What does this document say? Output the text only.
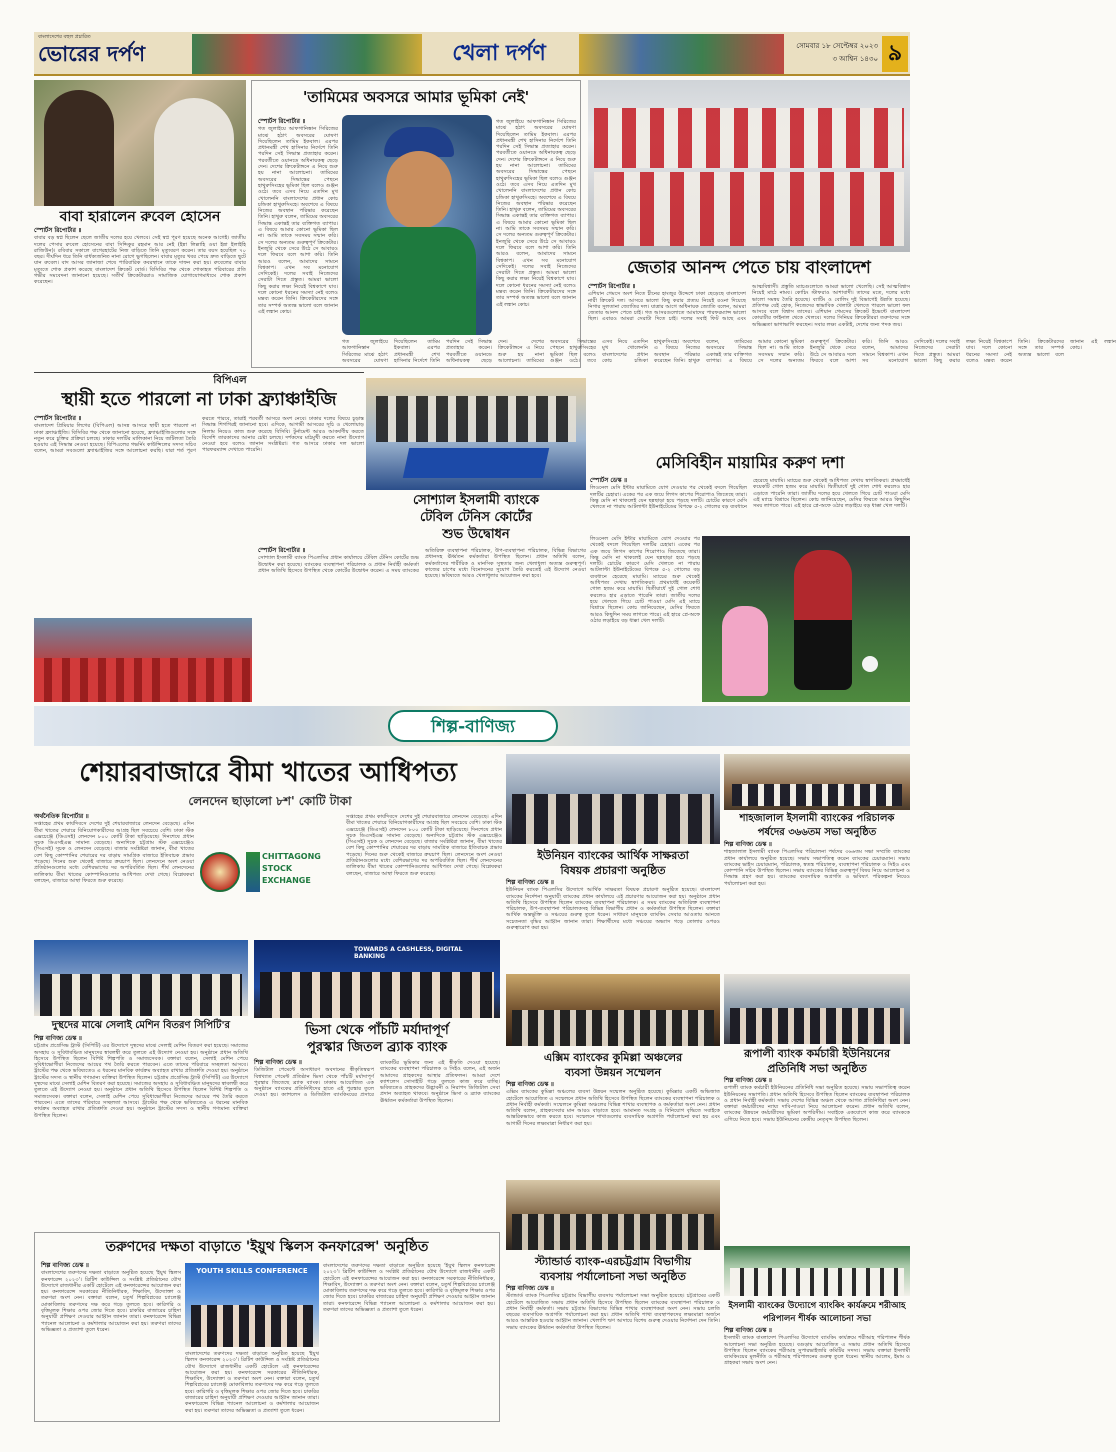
বাংলাদেশের বহুল প্রচারিত
ভোরের দর্পণ	খেলা দর্পণ	সোমবার ১৮ সেপ্টেম্বর ২০২৩
৩ আশ্বিন ১৪৩০ ৯
বাবা হারালেন রুবেল হোসেন
স্পোর্টস রিপোর্টার ॥
বাবার বড় স্বপ্ন ছিলেন ছেলে জাতীয় দলের হয়ে খেলবে। সেই স্বপ্ন পূরণ হয়েছে অনেক আগেই। জাতীয় দলের পেসার রুবেল হোসেনের বাবা সিদ্দিকুর রহমান আর নেই (ইন্না লিল্লাহি ওয়া ইন্না ইলাইহি রাজিউন)। রবিবার সকালে বাগেরহাটের নিজ বাড়িতে তিনি মৃত্যুবরণ করেন। তার বয়স হয়েছিল ৭০ বছর। দীর্ঘদিন ধরে তিনি বার্ধক্যজনিত নানা রোগে ভুগছিলেন। বাবার মৃত্যুর খবর পেয়ে দ্রুত বাড়িতে ছুটে যান রুবেল। বাদ আসর জানাজা শেষে পারিবারিক কবরস্থানে তাকে দাফন করা হয়। রুবেলের বাবার মৃত্যুতে শোক প্রকাশ করেছে বাংলাদেশ ক্রিকেট বোর্ড। বিসিবির পক্ষ থেকে শোকাহত পরিবারের প্রতি গভীর সমবেদনা জানানো হয়েছে। সতীর্থ ক্রিকেটাররাও সামাজিক যোগাযোগমাধ্যমে শোক প্রকাশ করেছেন।
'তামিমের অবসরে আমার ভূমিকা নেই'
স্পোর্টস রিপোর্টার ॥
গত জুলাইয়ে আফগানিস্তান সিরিজের মাঝে হঠাৎ অবসরের ঘোষণা দিয়েছিলেন তামিম ইকবাল। এরপর প্রধানমন্ত্রী শেখ হাসিনার নির্দেশে তিনি পরদিন সেই সিদ্ধান্ত প্রত্যাহার করেন। পরবর্তীতে ওয়ানডে অধিনায়কত্ব ছেড়ে দেন। দেশের ক্রিকেটাঙ্গনে এ নিয়ে শুরু হয় নানা আলোচনা। তামিমের অবসরের সিদ্ধান্তের পেছনে হাথুরুসিংহের ভূমিকা ছিল বলেও গুঞ্জন ওঠে। তবে এসব নিয়ে এতদিন মুখ খোলেননি বাংলাদেশের প্রধান কোচ চন্ডিকা হাথুরুসিংহে। অবশেষে এ বিষয়ে নিজের অবস্থান পরিষ্কার করেছেন তিনি। হাথুরু বলেন, তামিমের অবসরের সিদ্ধান্ত একান্তই তার ব্যক্তিগত ব্যাপার। এ বিষয়ে আমার কোনো ভূমিকা ছিল না। আমি তাকে সবসময় সম্মান করি। সে দলের অন্যতম গুরুত্বপূর্ণ ক্রিকেটার। ইনজুরি থেকে সেরে উঠে সে আবারও দলে ফিরবে বলে আশা করি। তিনি আরও বলেন, আমাদের সামনে বিশ্বকাপ। এখন সব মনোযোগ সেদিকেই। দলের সবাই নিজেদের সেরাটা দিতে প্রস্তুত। আমরা ভালো কিছু করার লক্ষ্য নিয়েই বিশ্বকাপে যাব। দলে কোনো ধরনের সমস্যা নেই বলেও মন্তব্য করেন তিনি। ক্রিকেটারদের সঙ্গে তার সম্পর্ক অত্যন্ত ভালো বলে জানান এই লঙ্কান কোচ।
গত জুলাইয়ে আফগানিস্তান সিরিজের মাঝে হঠাৎ অবসরের ঘোষণা দিয়েছিলেন তামিম ইকবাল। এরপর প্রধানমন্ত্রী শেখ হাসিনার নির্দেশে তিনি পরদিন সেই সিদ্ধান্ত প্রত্যাহার করেন। পরবর্তীতে ওয়ানডে অধিনায়কত্ব ছেড়ে দেন। দেশের ক্রিকেটাঙ্গনে এ নিয়ে শুরু হয় নানা আলোচনা। তামিমের অবসরের সিদ্ধান্তের পেছনে হাথুরুসিংহের ভূমিকা ছিল বলেও গুঞ্জন ওঠে। তবে এসব নিয়ে এতদিন মুখ খোলেননি বাংলাদেশের প্রধান কোচ চন্ডিকা হাথুরুসিংহে। অবশেষে এ বিষয়ে নিজের অবস্থান পরিষ্কার করেছেন তিনি। হাথুরু বলেন, তামিমের অবসরের সিদ্ধান্ত একান্তই তার ব্যক্তিগত ব্যাপার। এ বিষয়ে আমার কোনো ভূমিকা ছিল না। আমি তাকে সবসময় সম্মান করি। সে দলের অন্যতম গুরুত্বপূর্ণ ক্রিকেটার। ইনজুরি থেকে সেরে উঠে সে আবারও দলে ফিরবে বলে আশা করি। তিনি আরও বলেন, আমাদের সামনে বিশ্বকাপ। এখন সব মনোযোগ সেদিকেই। দলের সবাই নিজেদের সেরাটা দিতে প্রস্তুত। আমরা ভালো কিছু করার লক্ষ্য নিয়েই বিশ্বকাপে যাব। দলে কোনো ধরনের সমস্যা নেই বলেও মন্তব্য করেন তিনি। ক্রিকেটারদের সঙ্গে তার সম্পর্ক অত্যন্ত ভালো বলে জানান এই লঙ্কান কোচ।
গত জুলাইয়ে আফগানিস্তান সিরিজের মাঝে হঠাৎ অবসরের ঘোষণা দিয়েছিলেন তামিম ইকবাল। এরপর প্রধানমন্ত্রী শেখ হাসিনার নির্দেশে তিনি পরদিন সেই সিদ্ধান্ত প্রত্যাহার করেন। পরবর্তীতে ওয়ানডে অধিনায়কত্ব ছেড়ে দেন। দেশের ক্রিকেটাঙ্গনে এ নিয়ে শুরু হয় নানা আলোচনা। তামিমের অবসরের সিদ্ধান্তের পেছনে হাথুরুসিংহের ভূমিকা ছিল বলেও গুঞ্জন ওঠে। তবে এসব নিয়ে এতদিন মুখ খোলেননি বাংলাদেশের প্রধান কোচ চন্ডিকা হাথুরুসিংহে। অবশেষে এ বিষয়ে নিজের অবস্থান পরিষ্কার করেছেন তিনি। হাথুরু বলেন, তামিমের অবসরের সিদ্ধান্ত একান্তই তার ব্যক্তিগত ব্যাপার। এ বিষয়ে আমার কোনো ভূমিকা ছিল না। আমি তাকে সবসময় সম্মান করি। সে দলের অন্যতম গুরুত্বপূর্ণ ক্রিকেটার। ইনজুরি থেকে সেরে উঠে সে আবারও দলে ফিরবে বলে আশা করি। তিনি আরও বলেন, আমাদের সামনে বিশ্বকাপ। এখন সব মনোযোগ সেদিকেই। দলের সবাই নিজেদের সেরাটা দিতে প্রস্তুত। আমরা ভালো কিছু করার লক্ষ্য নিয়েই বিশ্বকাপে যাব। দলে কোনো ধরনের সমস্যা নেই বলেও মন্তব্য করেন তিনি। ক্রিকেটারদের সঙ্গে তার সম্পর্ক অত্যন্ত ভালো বলে জানান এই লঙ্কান কোচ।
জেতার আনন্দ পেতে চায় বাংলাদেশ
স্পোর্টস রিপোর্টার ॥
এশিয়ান গেমসে অংশ নিতে চীনের হাংজুর উদ্দেশে ঢাকা ছেড়েছে বাংলাদেশ নারী ক্রিকেট দল। আসরে ভালো কিছু করার প্রত্যয় নিয়েই রওনা দিয়েছে নিগার সুলতানা জ্যোতির দল। যাত্রার আগে অধিনায়ক জ্যোতি বলেন, আমরা জেতার আনন্দ পেতে চাই। গত আসরগুলোতে আমাদের পারফরম্যান্স ভালো ছিল। এবারও আমরা সেরাটা দিতে চাই। দলের সবাই ফিট আছে এবং আত্মবিশ্বাসী। প্রস্তুতি ম্যাচগুলোতে আমরা ভালো খেলেছি। সেই আত্মবিশ্বাস নিয়েই মাঠে নামব। কোচিং স্টাফরাও আশাবাদী। তাদের মতে, দলের মধ্যে ভালো সমন্বয় তৈরি হয়েছে। ব্যাটিং ও বোলিং দুই বিভাগেই উন্নতি হয়েছে। প্রতিপক্ষ যেই হোক, নিজেদের স্বাভাবিক খেলাটা খেলতে পারলে ভালো ফল আসবে বলে বিশ্বাস তাদের। এশিয়ান গেমসের ক্রিকেট ইভেন্টে বাংলাদেশ কোয়ার্টার ফাইনাল থেকে খেলবে। দলের সিনিয়র ক্রিকেটাররা তরুণদের সঙ্গে অভিজ্ঞতা ভাগাভাগি করছেন। সবার লক্ষ্য একটাই, দেশের জন্য পদক জয়।
বিপিএল
স্থায়ী হতে পারলো না ঢাকা ফ্র্যাঞ্চাইজি
স্পোর্টস রিপোর্টার ॥
বাংলাদেশ প্রিমিয়ার লিগের (বিপিএল) আসন্ন আসরে স্থায়ী হতে পারলো না ঢাকা ফ্র্যাঞ্চাইজি। বিসিবির পক্ষ থেকে জানানো হয়েছে, ফ্র্যাঞ্চাইজিগুলোর সঙ্গে নতুন করে চুক্তির প্রক্রিয়া চলছে। ঢাকার দলটির মালিকানা নিয়ে জটিলতা তৈরি হওয়ায় এই সিদ্ধান্ত নেওয়া হয়েছে। বিপিএলের গভর্নিং কাউন্সিলের সদস্য সচিব বলেন, আমরা সবগুলো ফ্র্যাঞ্চাইজির সঙ্গে আলোচনা করছি। যারা শর্ত পূরণ করতে পারবে, তারাই পরবর্তী আসরে অংশ নেবে। ঢাকার দলের বিষয়ে চূড়ান্ত সিদ্ধান্ত শিগগিরই জানানো হবে। এদিকে, আগামী আসরের সূচি ও খেলোয়াড় নিলাম নিয়েও কাজ শুরু করেছে বিসিবি। টুর্নামেন্ট আরও আকর্ষণীয় করতে বিদেশি তারকাদের আনার চেষ্টা চলছে। দর্শকদের মাঠমুখী করতে নানা উদ্যোগ নেওয়া হবে বলেও জানান সংশ্লিষ্টরা। গত আসরে ঢাকার দল ভালো পারফরম্যান্স দেখাতে পারেনি।
সোশ্যাল ইসলামী ব্যাংকে
টেবিল টেনিস কোর্টের
শুভ উদ্বোধন
স্পোর্টস রিপোর্টার ॥
সোশ্যাল ইসলামী ব্যাংক পিএলসির প্রধান কার্যালয়ে টেবিল টেনিস কোর্টের শুভ উদ্বোধন করা হয়েছে। ব্যাংকের ব্যবস্থাপনা পরিচালক ও প্রধান নির্বাহী কর্মকর্তা প্রধান অতিথি হিসেবে উপস্থিত থেকে কোর্টের উদ্বোধন করেন। এ সময় ব্যাংকের অতিরিক্ত ব্যবস্থাপনা পরিচালক, উপ-ব্যবস্থাপনা পরিচালক, বিভিন্ন বিভাগের প্রধানসহ ঊর্ধ্বতন কর্মকর্তারা উপস্থিত ছিলেন। প্রধান অতিথি বলেন, কর্মকর্তাদের শারীরিক ও মানসিক সুস্থতার জন্য খেলাধুলা অত্যন্ত গুরুত্বপূর্ণ। কাজের চাপের মধ্যে বিনোদনের সুযোগ তৈরি করতেই এই উদ্যোগ নেওয়া হয়েছে। ভবিষ্যতে আরও খেলাধুলার আয়োজন করা হবে।
মেসিবিহীন মায়ামির করুণ দশা
স্পোর্টস ডেস্ক ॥
লিওনেল মেসি ইন্টার মায়ামিতে যোগ দেওয়ার পর থেকেই বদলে গিয়েছিল দলটির চেহারা। একের পর এক জয়ে লিগস কাপের শিরোপাও জিতেছে তারা। কিন্তু মেসি না থাকলেই যেন ছন্নছাড়া হয়ে পড়ছে দলটি। চোটের কারণে মেসি খেলতে না পারায় আটলান্টা ইউনাইটেডের বিপক্ষে ৫-২ গোলের বড় ব্যবধানে হেরেছে মায়ামি। ম্যাচের শুরু থেকেই আধিপত্য দেখায় স্বাগতিকরা। প্রথমার্ধেই কয়েকটি গোল হজম করে মায়ামি। দ্বিতীয়ার্ধে দুই গোল শোধ করলেও হার এড়াতে পারেনি তারা। জাতীয় দলের হয়ে খেলতে গিয়ে চোট পাওয়া মেসি এই ম্যাচে বিশ্রামে ছিলেন। কোচ জানিয়েছেন, মেসির ফিরতে আরও কিছুদিন সময় লাগতে পারে। এই হারে প্লে-অফে ওঠার লড়াইয়ে বড় ধাক্কা খেল দলটি।
লিওনেল মেসি ইন্টার মায়ামিতে যোগ দেওয়ার পর থেকেই বদলে গিয়েছিল দলটির চেহারা। একের পর এক জয়ে লিগস কাপের শিরোপাও জিতেছে তারা। কিন্তু মেসি না থাকলেই যেন ছন্নছাড়া হয়ে পড়ছে দলটি। চোটের কারণে মেসি খেলতে না পারায় আটলান্টা ইউনাইটেডের বিপক্ষে ৫-২ গোলের বড় ব্যবধানে হেরেছে মায়ামি। ম্যাচের শুরু থেকেই আধিপত্য দেখায় স্বাগতিকরা। প্রথমার্ধেই কয়েকটি গোল হজম করে মায়ামি। দ্বিতীয়ার্ধে দুই গোল শোধ করলেও হার এড়াতে পারেনি তারা। জাতীয় দলের হয়ে খেলতে গিয়ে চোট পাওয়া মেসি এই ম্যাচে বিশ্রামে ছিলেন। কোচ জানিয়েছেন, মেসির ফিরতে আরও কিছুদিন সময় লাগতে পারে। এই হারে প্লে-অফে ওঠার লড়াইয়ে বড় ধাক্কা খেল দলটি।
শিল্প-বাণিজ্য
শেয়ারবাজারে বীমা খাতের আধিপত্য
লেনদেন ছাড়ালো ৮শ' কোটি টাকা
অর্থনৈতিক রিপোর্টার ॥
সপ্তাহের প্রথম কার্যদিবসে দেশের দুই শেয়ারবাজারে লেনদেন বেড়েছে। এদিন বীমা খাতের শেয়ারে বিনিয়োগকারীদের আগ্রহ ছিল সবচেয়ে বেশি। ঢাকা স্টক এক্সচেঞ্জে (ডিএসই) লেনদেন ৮০০ কোটি টাকা ছাড়িয়েছে। দিনশেষে প্রধান সূচক ডিএসইএক্স সামান্য বেড়েছে। অন্যদিকে চট্টগ্রাম স্টক এক্সচেঞ্জেও (সিএসই) সূচক ও লেনদেন বেড়েছে। বাজার সংশ্লিষ্টরা জানান, বীমা খাতের বেশ কিছু কোম্পানির শেয়ারের দর বাড়ায় সামগ্রিক বাজারে ইতিবাচক প্রভাব পড়েছে। দিনের শুরু থেকেই বাজারে ক্রয়চাপ ছিল। লেনদেনে অংশ নেওয়া প্রতিষ্ঠানগুলোর মধ্যে বেশিরভাগের দর অপরিবর্তিত ছিল। শীর্ষ লেনদেনের তালিকায় বীমা খাতের কোম্পানিগুলোর আধিপত্য দেখা গেছে। বিশ্লেষকরা বলছেন, বাজারে আস্থা ফিরতে শুরু করেছে।
CHITTAGONG
STOCK
EXCHANGE
সপ্তাহের প্রথম কার্যদিবসে দেশের দুই শেয়ারবাজারে লেনদেন বেড়েছে। এদিন বীমা খাতের শেয়ারে বিনিয়োগকারীদের আগ্রহ ছিল সবচেয়ে বেশি। ঢাকা স্টক এক্সচেঞ্জে (ডিএসই) লেনদেন ৮০০ কোটি টাকা ছাড়িয়েছে। দিনশেষে প্রধান সূচক ডিএসইএক্স সামান্য বেড়েছে। অন্যদিকে চট্টগ্রাম স্টক এক্সচেঞ্জেও (সিএসই) সূচক ও লেনদেন বেড়েছে। বাজার সংশ্লিষ্টরা জানান, বীমা খাতের বেশ কিছু কোম্পানির শেয়ারের দর বাড়ায় সামগ্রিক বাজারে ইতিবাচক প্রভাব পড়েছে। দিনের শুরু থেকেই বাজারে ক্রয়চাপ ছিল। লেনদেনে অংশ নেওয়া প্রতিষ্ঠানগুলোর মধ্যে বেশিরভাগের দর অপরিবর্তিত ছিল। শীর্ষ লেনদেনের তালিকায় বীমা খাতের কোম্পানিগুলোর আধিপত্য দেখা গেছে। বিশ্লেষকরা বলছেন, বাজারে আস্থা ফিরতে শুরু করেছে।
ইউনিয়ন ব্যাংকের আর্থিক সাক্ষরতা
বিষয়ক প্রচারণা অনুষ্ঠিত
শিল্প বাণিজ্য ডেস্ক ॥
ইউনিয়ন ব্যাংক পিএলসির উদ্যোগে আর্থিক সাক্ষরতা বিষয়ক প্রচারণা অনুষ্ঠিত হয়েছে। বাংলাদেশ ব্যাংকের নির্দেশনা অনুযায়ী ব্যাংকের প্রধান কার্যালয়ে এই প্রচারণার আয়োজন করা হয়। অনুষ্ঠানে প্রধান অতিথি হিসেবে উপস্থিত ছিলেন ব্যাংকের ব্যবস্থাপনা পরিচালক। এ সময় ব্যাংকের অতিরিক্ত ব্যবস্থাপনা পরিচালক, উপ-ব্যবস্থাপনা পরিচালকসহ বিভিন্ন বিভাগীয় প্রধান ও কর্মকর্তারা উপস্থিত ছিলেন। বক্তারা আর্থিক অন্তর্ভুক্তি ও সঞ্চয়ের গুরুত্ব তুলে ধরেন। সাধারণ মানুষকে ব্যাংকিং সেবার আওতায় আনতে সচেতনতা বৃদ্ধির আহ্বান জানান তারা। শিক্ষার্থীদের মধ্যে সঞ্চয়ের অভ্যাস গড়ে তোলার ওপরও গুরুত্বারোপ করা হয়।
শাহজালাল ইসলামী ব্যাংকের পরিচালক
পর্ষদের ৩৬৬তম সভা অনুষ্ঠিত
শিল্প বাণিজ্য ডেস্ক ॥
শাহজালাল ইসলামী ব্যাংক পিএলসির পরিচালনা পর্ষদের ৩৬৬তম সভা সম্প্রতি ব্যাংকের প্রধান কার্যালয়ে অনুষ্ঠিত হয়েছে। সভায় সভাপতিত্ব করেন ব্যাংকের চেয়ারম্যান। সভায় ব্যাংকের ভাইস চেয়ারম্যান, পরিচালক, স্বতন্ত্র পরিচালক, ব্যবস্থাপনা পরিচালক ও সিইও এবং কোম্পানি সচিব উপস্থিত ছিলেন। সভায় ব্যাংকের বিভিন্ন গুরুত্বপূর্ণ বিষয় নিয়ে আলোচনা ও সিদ্ধান্ত গ্রহণ করা হয়। ব্যাংকের ব্যবসায়িক অগ্রগতি ও ভবিষ্যৎ পরিকল্পনা নিয়েও পর্যালোচনা করা হয়।
দুস্থদের মাঝে সেলাই মেশিন বিতরণ সিপিটি'র
শিল্প বাণিজ্য ডেস্ক ॥
চট্টগ্রাম প্রগ্রেসিভ ট্রাস্ট (সিপিটি) এর উদ্যোগে দুস্থদের মাঝে সেলাই মেশিন বিতরণ করা হয়েছে। সমাজের অসহায় ও সুবিধাবঞ্চিত মানুষদের স্বাবলম্বী করে তুলতে এই উদ্যোগ নেওয়া হয়। অনুষ্ঠানে প্রধান অতিথি হিসেবে উপস্থিত ছিলেন বিশিষ্ট শিল্পপতি ও সমাজসেবক। বক্তারা বলেন, সেলাই মেশিন পেয়ে সুবিধাভোগীরা নিজেদের আয়ের পথ তৈরি করতে পারবেন। এতে তাদের পরিবারে সচ্ছলতা আসবে। ট্রাস্টের পক্ষ থেকে ভবিষ্যতেও এ ধরনের মানবিক কার্যক্রম অব্যাহত রাখার প্রতিশ্রুতি দেওয়া হয়। অনুষ্ঠানে ট্রাস্টের সদস্য ও স্থানীয় গণ্যমান্য ব্যক্তিরা উপস্থিত ছিলেন। চট্টগ্রাম প্রগ্রেসিভ ট্রাস্ট (সিপিটি) এর উদ্যোগে দুস্থদের মাঝে সেলাই মেশিন বিতরণ করা হয়েছে। সমাজের অসহায় ও সুবিধাবঞ্চিত মানুষদের স্বাবলম্বী করে তুলতে এই উদ্যোগ নেওয়া হয়। অনুষ্ঠানে প্রধান অতিথি হিসেবে উপস্থিত ছিলেন বিশিষ্ট শিল্পপতি ও সমাজসেবক। বক্তারা বলেন, সেলাই মেশিন পেয়ে সুবিধাভোগীরা নিজেদের আয়ের পথ তৈরি করতে পারবেন। এতে তাদের পরিবারে সচ্ছলতা আসবে। ট্রাস্টের পক্ষ থেকে ভবিষ্যতেও এ ধরনের মানবিক কার্যক্রম অব্যাহত রাখার প্রতিশ্রুতি দেওয়া হয়। অনুষ্ঠানে ট্রাস্টের সদস্য ও স্থানীয় গণ্যমান্য ব্যক্তিরা উপস্থিত ছিলেন।
TOWARDS A CASHLESS, DIGITAL BANKING
ভিসা থেকে পাঁচটি মর্যাদাপূর্ণ
পুরস্কার জিতল ব্র্যাক ব্যাংক
শিল্প বাণিজ্য ডেস্ক ॥
ডিজিটাল পেমেন্টে অসাধারণ অবদানের স্বীকৃতিস্বরূপ বিশ্বখ্যাত পেমেন্ট প্রতিষ্ঠান ভিসা থেকে পাঁচটি মর্যাদাপূর্ণ পুরস্কার জিতেছে ব্র্যাক ব্যাংক। ঢাকায় আয়োজিত এক অনুষ্ঠানে ব্যাংকের প্রতিনিধিদের হাতে এই পুরস্কার তুলে দেওয়া হয়। ক্যাশলেস ও ডিজিটাল ব্যাংকিংয়ের প্রসারে ব্যাংকটির ভূমিকার জন্য এই স্বীকৃতি দেওয়া হয়েছে। ব্যাংকের ব্যবস্থাপনা পরিচালক ও সিইও বলেন, এই অর্জন আমাদের গ্রাহকদের আস্থার প্রতিফলন। আমরা দেশে ক্যাশলেস সোসাইটি গড়ে তুলতে কাজ করে যাচ্ছি। ভবিষ্যতেও গ্রাহকদের উদ্ভাবনী ও নিরাপদ ডিজিটাল সেবা প্রদান অব্যাহত থাকবে। অনুষ্ঠানে ভিসা ও ব্র্যাক ব্যাংকের ঊর্ধ্বতন কর্মকর্তারা উপস্থিত ছিলেন।
এক্সিম ব্যাংকের কুমিল্লা অঞ্চলের
ব্যবসা উন্নয়ন সম্মেলন
শিল্প বাণিজ্য ডেস্ক ॥
এক্সিম ব্যাংকের কুমিল্লা অঞ্চলের ব্যবসা উন্নয়ন সম্মেলন অনুষ্ঠিত হয়েছে। কুমিল্লার একটি অভিজাত হোটেলে আয়োজিত এ সম্মেলনে প্রধান অতিথি হিসেবে উপস্থিত ছিলেন ব্যাংকের ব্যবস্থাপনা পরিচালক ও প্রধান নির্বাহী কর্মকর্তা। সম্মেলনে কুমিল্লা অঞ্চলের বিভিন্ন শাখার ব্যবস্থাপক ও কর্মকর্তারা অংশ নেন। প্রধান অতিথি বলেন, গ্রাহকসেবার মান আরও বাড়াতে হবে। আমানত সংগ্রহ ও বিনিয়োগ বৃদ্ধিতে সবাইকে আন্তরিকভাবে কাজ করতে হবে। সম্মেলনে শাখাগুলোর ব্যবসায়িক অগ্রগতি পর্যালোচনা করা হয় এবং আগামী দিনের লক্ষ্যমাত্রা নির্ধারণ করা হয়।
রূপালী ব্যাংক কর্মচারী ইউনিয়নের
প্রতিনিধি সভা অনুষ্ঠিত
শিল্প বাণিজ্য ডেস্ক ॥
রূপালী ব্যাংক কর্মচারী ইউনিয়নের প্রতিনিধি সভা অনুষ্ঠিত হয়েছে। সভায় সভাপতিত্ব করেন ইউনিয়নের সভাপতি। প্রধান অতিথি হিসেবে উপস্থিত ছিলেন ব্যাংকের ব্যবস্থাপনা পরিচালক ও প্রধান নির্বাহী কর্মকর্তা। সভায় দেশের বিভিন্ন অঞ্চল থেকে আগত প্রতিনিধিরা অংশ নেন। বক্তারা কর্মচারীদের ন্যায্য দাবি-দাওয়া নিয়ে আলোচনা করেন। প্রধান অতিথি বলেন, ব্যাংকের উন্নয়নে কর্মচারীদের ভূমিকা অপরিসীম। সবাইকে একযোগে কাজ করে ব্যাংককে এগিয়ে নিতে হবে। সভায় ইউনিয়নের কেন্দ্রীয় নেতৃবৃন্দ উপস্থিত ছিলেন।
স্ট্যান্ডার্ড ব্যাংক-এরচট্টগ্রাম বিভাগীয়
ব্যবসায় পর্যালোচনা সভা অনুষ্ঠিত
শিল্প বাণিজ্য ডেস্ক ॥
স্ট্যান্ডার্ড ব্যাংক পিএলসির চট্টগ্রাম বিভাগীয় ব্যবসায় পর্যালোচনা সভা অনুষ্ঠিত হয়েছে। চট্টগ্রামের একটি হোটেলে আয়োজিত সভায় প্রধান অতিথি হিসেবে উপস্থিত ছিলেন ব্যাংকের ব্যবস্থাপনা পরিচালক ও প্রধান নির্বাহী কর্মকর্তা। সভায় চট্টগ্রাম বিভাগের বিভিন্ন শাখার ব্যবস্থাপকরা অংশ নেন। সভায় চলতি বছরের ব্যবসায়িক অগ্রগতি পর্যালোচনা করা হয়। প্রধান অতিথি শাখা ব্যবস্থাপকদের লক্ষ্যমাত্রা অর্জনে আরও আন্তরিক হওয়ার আহ্বান জানান। খেলাপি ঋণ আদায়ে বিশেষ গুরুত্ব দেওয়ার নির্দেশনা দেন তিনি। সভায় ব্যাংকের ঊর্ধ্বতন কর্মকর্তারা উপস্থিত ছিলেন।
ইসলামী ব্যাংকের উদ্যোগে ব্যাংকিং কার্যক্রমে শরীআহ
পরিপালন শীর্ষক আলোচনা সভা
শিল্প বাণিজ্য ডেস্ক ॥
ইসলামী ব্যাংক বাংলাদেশ পিএলসির উদ্যোগে ব্যাংকিং কার্যক্রমে শরীআহ পরিপালন শীর্ষক আলোচনা সভা অনুষ্ঠিত হয়েছে। বগুড়ায় আয়োজিত এ সভায় প্রধান অতিথি হিসেবে উপস্থিত ছিলেন ব্যাংকের শরীআহ সুপারভাইজরি কমিটির সদস্য। সভায় বক্তারা ইসলামী ব্যাংকিংয়ের মূলনীতি ও শরীআহ পরিপালনের গুরুত্ব তুলে ধরেন। স্থানীয় আলেম, ইমাম ও গ্রাহকরা সভায় অংশ নেন।
তরুণদের দক্ষতা বাড়াতে 'ইয়ুথ স্কিলস কনফারেন্স' অনুষ্ঠিত
শিল্প বাণিজ্য ডেস্ক ॥
বাংলাদেশের তরুণদের দক্ষতা বাড়াতে অনুষ্ঠিত হয়েছে 'ইয়ুথ স্কিলস কনফারেন্স ২০২৩'। ব্রিটিশ কাউন্সিল ও সংশ্লিষ্ট প্রতিষ্ঠানের যৌথ উদ্যোগে রাজধানীর একটি হোটেলে এই কনফারেন্সের আয়োজন করা হয়। কনফারেন্সে সরকারের নীতিনির্ধারক, শিক্ষাবিদ, উদ্যোক্তা ও তরুণরা অংশ নেন। বক্তারা বলেন, চতুর্থ শিল্পবিপ্লবের চ্যালেঞ্জ মোকাবিলায় তরুণদের দক্ষ করে গড়ে তুলতে হবে। কারিগরি ও বৃত্তিমূলক শিক্ষার ওপর জোর দিতে হবে। চাকরির বাজারের চাহিদা অনুযায়ী প্রশিক্ষণ দেওয়ার আহ্বান জানান তারা। কনফারেন্সে বিভিন্ন প্যানেল আলোচনা ও কর্মশালার আয়োজন করা হয়। তরুণরা তাদের অভিজ্ঞতা ও প্রত্যাশা তুলে ধরেন।
YOUTH SKILLS CONFERENCE
বাংলাদেশের তরুণদের দক্ষতা বাড়াতে অনুষ্ঠিত হয়েছে 'ইয়ুথ স্কিলস কনফারেন্স ২০২৩'। ব্রিটিশ কাউন্সিল ও সংশ্লিষ্ট প্রতিষ্ঠানের যৌথ উদ্যোগে রাজধানীর একটি হোটেলে এই কনফারেন্সের আয়োজন করা হয়। কনফারেন্সে সরকারের নীতিনির্ধারক, শিক্ষাবিদ, উদ্যোক্তা ও তরুণরা অংশ নেন। বক্তারা বলেন, চতুর্থ শিল্পবিপ্লবের চ্যালেঞ্জ মোকাবিলায় তরুণদের দক্ষ করে গড়ে তুলতে হবে। কারিগরি ও বৃত্তিমূলক শিক্ষার ওপর জোর দিতে হবে। চাকরির বাজারের চাহিদা অনুযায়ী প্রশিক্ষণ দেওয়ার আহ্বান জানান তারা। কনফারেন্সে বিভিন্ন প্যানেল আলোচনা ও কর্মশালার আয়োজন করা হয়। তরুণরা তাদের অভিজ্ঞতা ও প্রত্যাশা তুলে ধরেন।
বাংলাদেশের তরুণদের দক্ষতা বাড়াতে অনুষ্ঠিত হয়েছে 'ইয়ুথ স্কিলস কনফারেন্স ২০২৩'। ব্রিটিশ কাউন্সিল ও সংশ্লিষ্ট প্রতিষ্ঠানের যৌথ উদ্যোগে রাজধানীর একটি হোটেলে এই কনফারেন্সের আয়োজন করা হয়। কনফারেন্সে সরকারের নীতিনির্ধারক, শিক্ষাবিদ, উদ্যোক্তা ও তরুণরা অংশ নেন। বক্তারা বলেন, চতুর্থ শিল্পবিপ্লবের চ্যালেঞ্জ মোকাবিলায় তরুণদের দক্ষ করে গড়ে তুলতে হবে। কারিগরি ও বৃত্তিমূলক শিক্ষার ওপর জোর দিতে হবে। চাকরির বাজারের চাহিদা অনুযায়ী প্রশিক্ষণ দেওয়ার আহ্বান জানান তারা। কনফারেন্সে বিভিন্ন প্যানেল আলোচনা ও কর্মশালার আয়োজন করা হয়। তরুণরা তাদের অভিজ্ঞতা ও প্রত্যাশা তুলে ধরেন।
